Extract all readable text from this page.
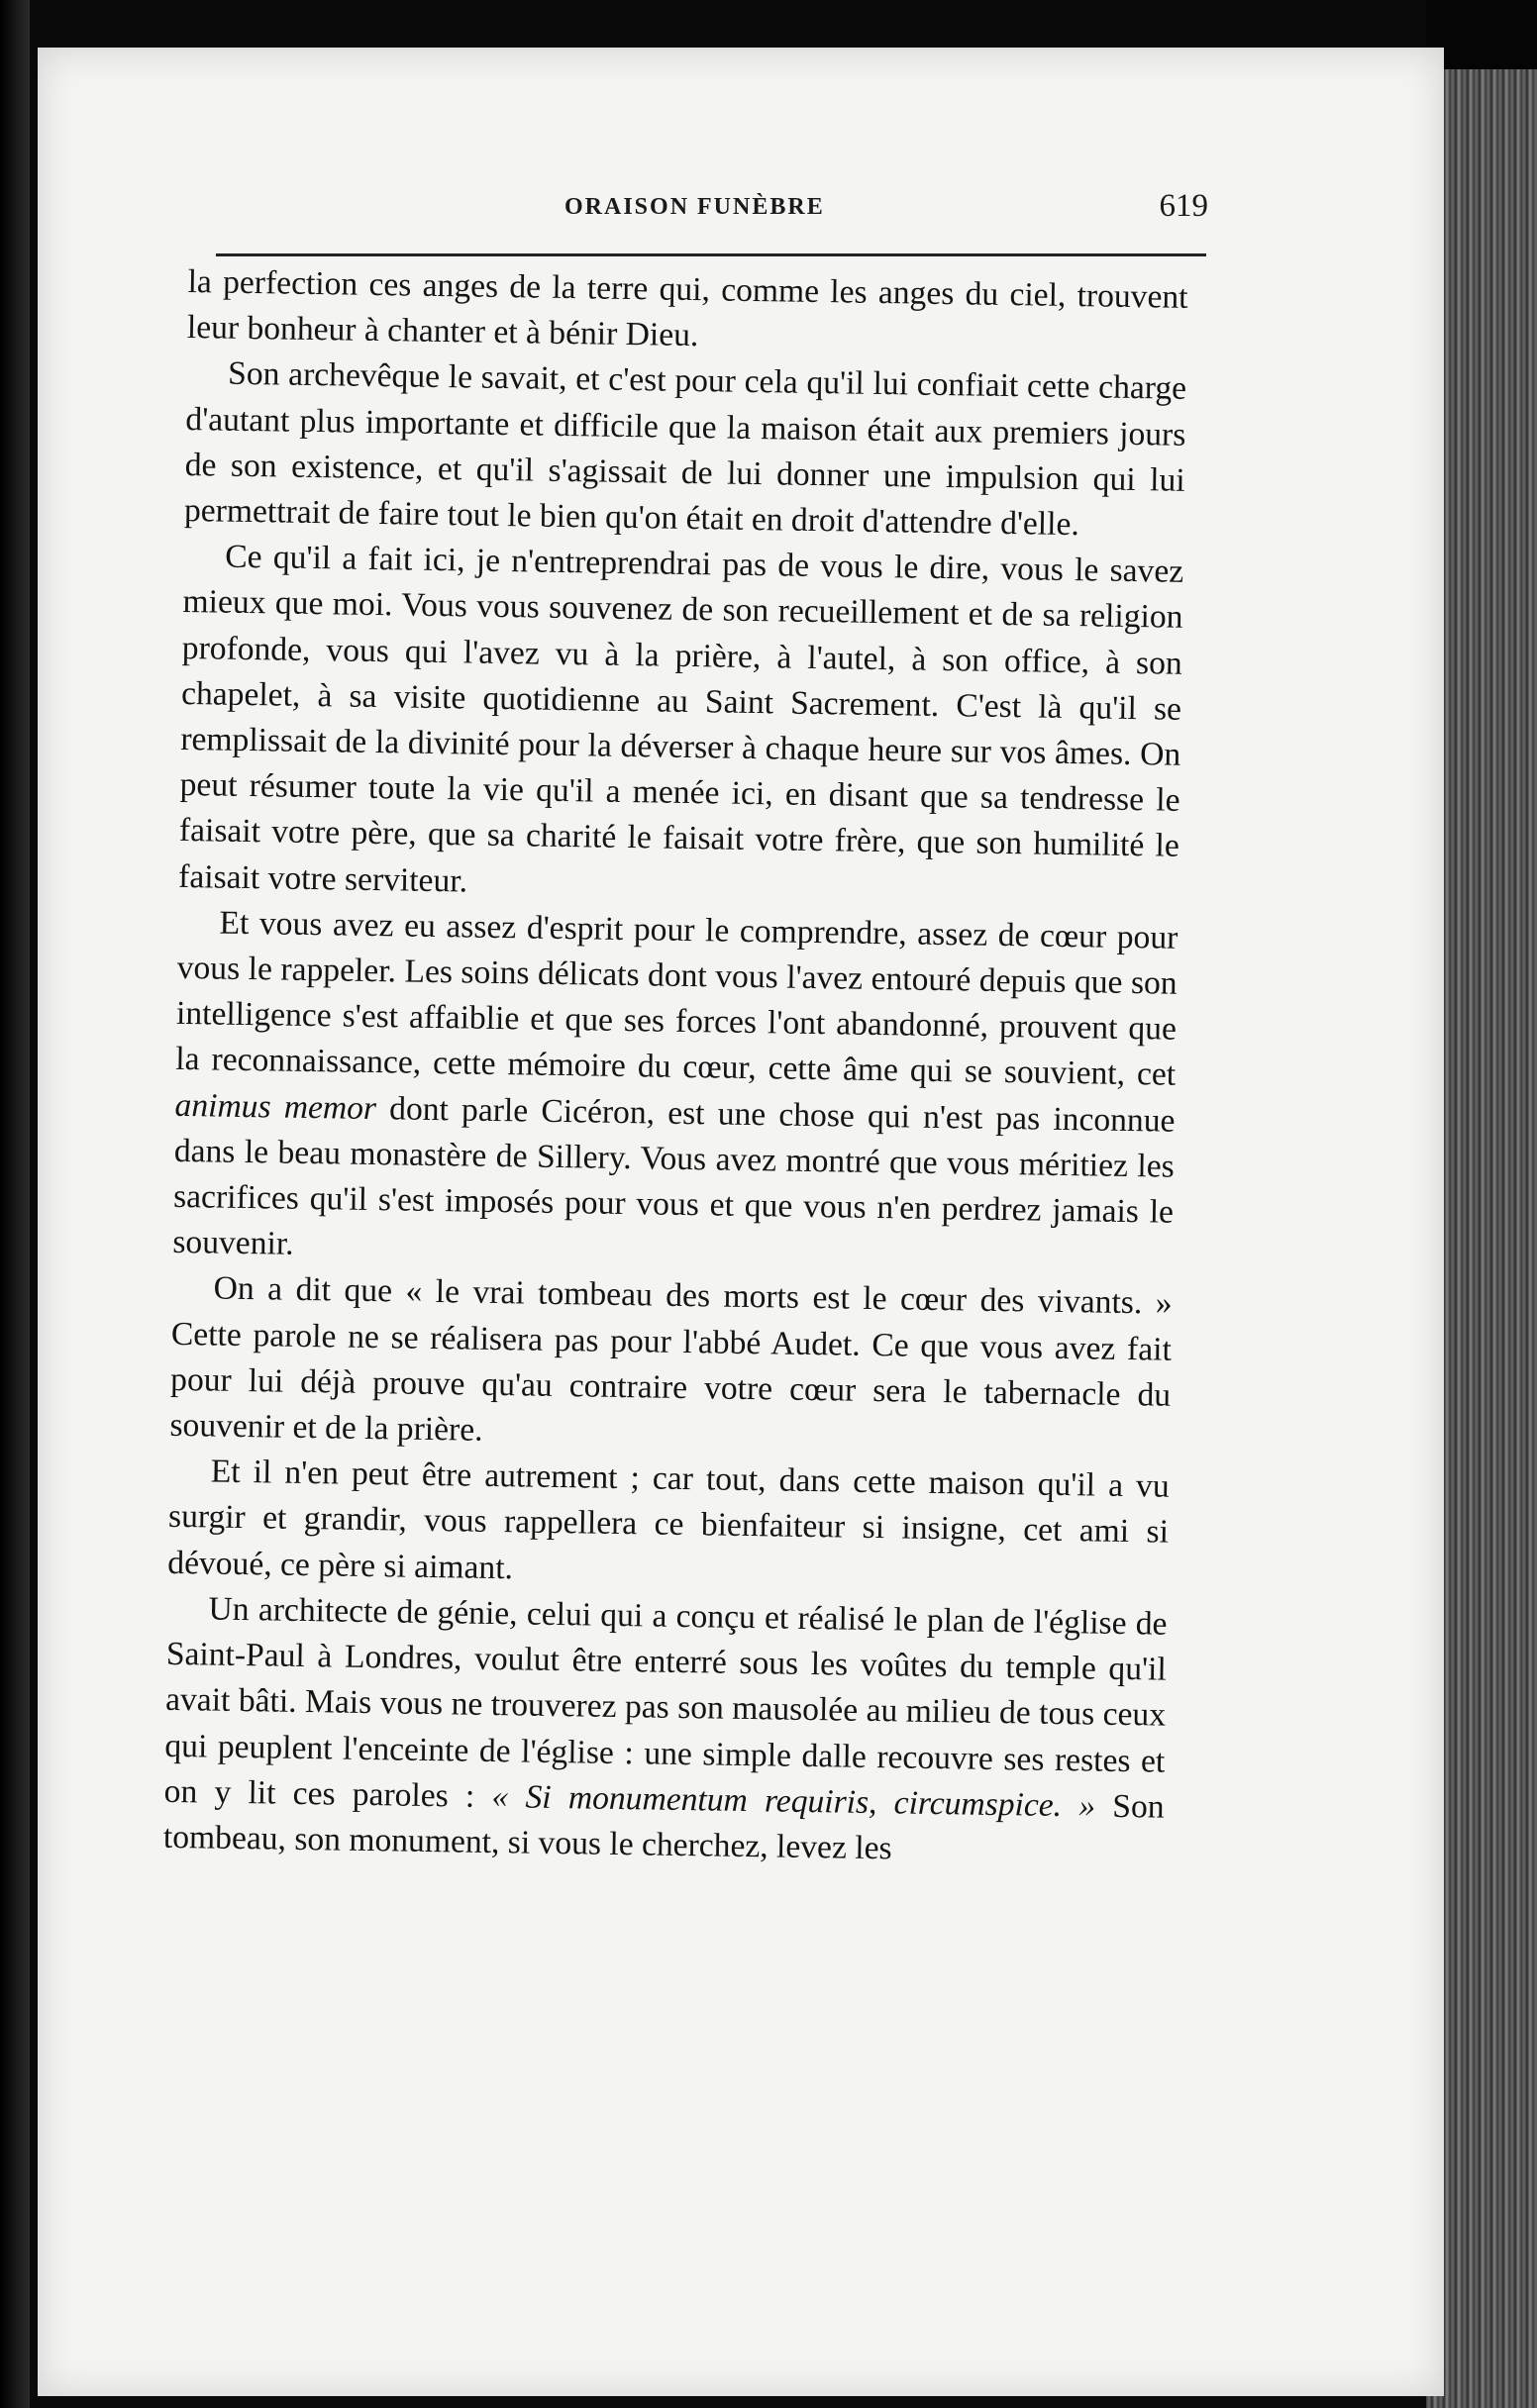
ORAISON FUNÈBRE	619

la perfection ces anges de la terre qui, comme les anges du ciel, trouvent leur bonheur à chanter et à bénir Dieu.

Son archevêque le savait, et c'est pour cela qu'il lui confiait cette charge d'autant plus importante et difficile que la maison était aux premiers jours de son existence, et qu'il s'agissait de lui donner une impulsion qui lui permettrait de faire tout le bien qu'on était en droit d'attendre d'elle.

Ce qu'il a fait ici, je n'entreprendrai pas de vous le dire, vous le savez mieux que moi. Vous vous souvenez de son recueillement et de sa religion profonde, vous qui l'avez vu à la prière, à l'autel, à son office, à son chapelet, à sa visite quotidienne au Saint Sacrement. C'est là qu'il se remplissait de la divinité pour la déverser à chaque heure sur vos âmes. On peut résumer toute la vie qu'il a menée ici, en disant que sa tendresse le faisait votre père, que sa charité le faisait votre frère, que son humilité le faisait votre serviteur.

Et vous avez eu assez d'esprit pour le comprendre, assez de cœur pour vous le rappeler. Les soins délicats dont vous l'avez entouré depuis que son intelligence s'est affaiblie et que ses forces l'ont abandonné, prouvent que la reconnaissance, cette mémoire du cœur, cette âme qui se souvient, cet animus memor dont parle Cicéron, est une chose qui n'est pas inconnue dans le beau monastère de Sillery. Vous avez montré que vous méritiez les sacrifices qu'il s'est imposés pour vous et que vous n'en perdrez jamais le souvenir.

On a dit que « le vrai tombeau des morts est le cœur des vivants. » Cette parole ne se réalisera pas pour l'abbé Audet. Ce que vous avez fait pour lui déjà prouve qu'au contraire votre cœur sera le tabernacle du souvenir et de la prière.

Et il n'en peut être autrement ; car tout, dans cette maison qu'il a vu surgir et grandir, vous rappellera ce bienfaiteur si insigne, cet ami si dévoué, ce père si aimant.

Un architecte de génie, celui qui a conçu et réalisé le plan de l'église de Saint-Paul à Londres, voulut être enterré sous les voûtes du temple qu'il avait bâti. Mais vous ne trouverez pas son mausolée au milieu de tous ceux qui peuplent l'enceinte de l'église : une simple dalle recouvre ses restes et on y lit ces paroles : « Si monumentum requiris, circumspice. » Son tombeau, son monument, si vous le cherchez, levez les
